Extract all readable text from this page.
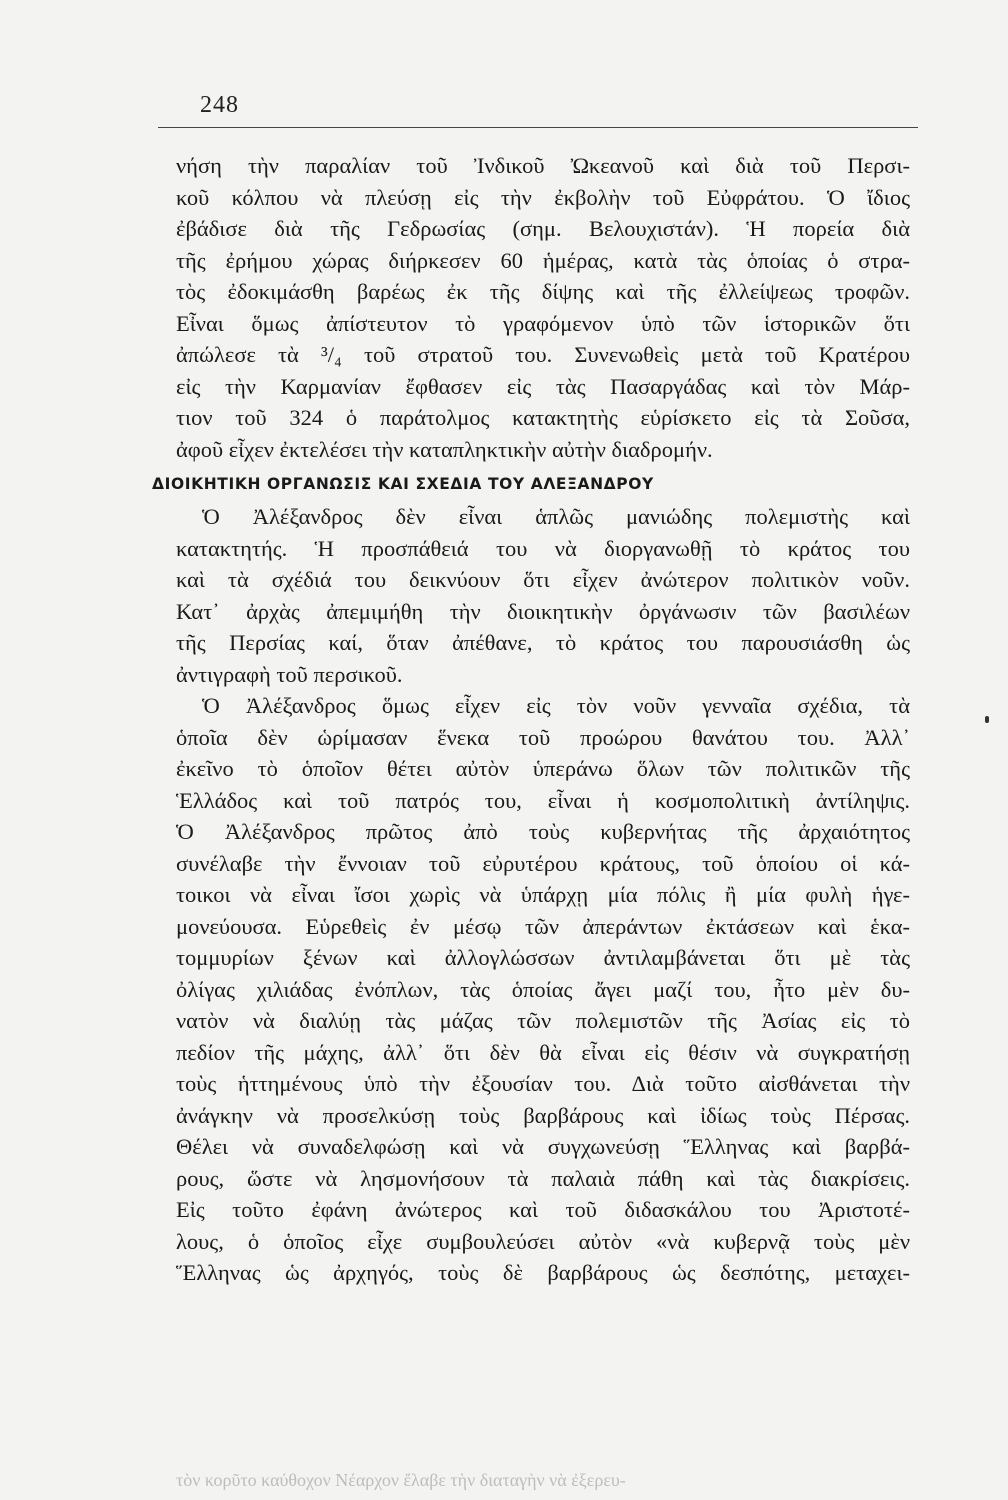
248
νήση τὴν παραλίαν τοῦ Ἰνδικοῦ Ὠκεανοῦ καὶ διὰ τοῦ Περσι-
κοῦ κόλπου νὰ πλεύσῃ εἰς τὴν ἐκβολὴν τοῦ Εὐφράτου. Ὁ ἴδιος
ἐβάδισε διὰ τῆς Γεδρωσίας (σημ. Βελουχιστάν). Ἡ πορεία διὰ
τῆς ἐρήμου χώρας διήρκεσεν 60 ἡμέρας, κατὰ τὰς ὁποίας ὁ στρα-
τὸς ἐδοκιμάσθη βαρέως ἐκ τῆς δίψης καὶ τῆς ἐλλείψεως τροφῶν.
Εἶναι ὅμως ἀπίστευτον τὸ γραφόμενον ὑπὸ τῶν ἱστορικῶν ὅτι
ἀπώλεσε τὰ ³/₄ τοῦ στρατοῦ του. Συνενωθεὶς μετὰ τοῦ Κρατέρου
εἰς τὴν Καρμανίαν ἔφθασεν εἰς τὰς Πασαργάδας καὶ τὸν Μάρ-
τιον τοῦ 324 ὁ παράτολμος κατακτητὴς εὑρίσκετο εἰς τὰ Σοῦσα,
ἀφοῦ εἶχεν ἐκτελέσει τὴν καταπληκτικὴν αὐτὴν διαδρομήν.
ΔΙΟΙΚΗΤΙΚΗ ΟΡΓΑΝΩΣΙΣ ΚΑΙ ΣΧΕΔΙΑ ΤΟΥ ΑΛΕΞΑΝΔΡΟΥ
Ὁ Ἀλέξανδρος δὲν εἶναι ἁπλῶς μανιώδης πολεμιστὴς καὶ
κατακτητής. Ἡ προσπάθειά του νὰ διοργανωθῇ τὸ κράτος του
καὶ τὰ σχέδιά του δεικνύουν ὅτι εἶχεν ἀνώτερον πολιτικὸν νοῦν.
Κατ᾿ ἀρχὰς ἀπεμιμήθη τὴν διοικητικὴν ὀργάνωσιν τῶν βασιλέων
τῆς Περσίας καί, ὅταν ἀπέθανε, τὸ κράτος του παρουσιάσθη ὡς
ἀντιγραφὴ τοῦ περσικοῦ.
Ὁ Ἀλέξανδρος ὅμως εἶχεν εἰς τὸν νοῦν γενναῖα σχέδια, τὰ
ὁποῖα δὲν ὡρίμασαν ἕνεκα τοῦ προώρου θανάτου του. Ἀλλ᾿
ἐκεῖνο τὸ ὁποῖον θέτει αὐτὸν ὑπεράνω ὅλων τῶν πολιτικῶν τῆς
Ἑλλάδος καὶ τοῦ πατρός του, εἶναι ἡ κοσμοπολιτικὴ ἀντίληψις.
Ὁ Ἀλέξανδρος πρῶτος ἀπὸ τοὺς κυβερνήτας τῆς ἀρχαιότητος
συνέλαβε τὴν ἔννοιαν τοῦ εὐρυτέρου κράτους, τοῦ ὁποίου οἱ κά-
τοικοι νὰ εἶναι ἴσοι χωρὶς νὰ ὑπάρχῃ μία πόλις ἢ μία φυλὴ ἡγε-
μονεύουσα. Εὑρεθεὶς ἐν μέσῳ τῶν ἀπεράντων ἐκτάσεων καὶ ἑκα-
τομμυρίων ξένων καὶ ἀλλογλώσσων ἀντιλαμβάνεται ὅτι μὲ τὰς
ὀλίγας χιλιάδας ἐνόπλων, τὰς ὁποίας ἄγει μαζί του, ἦτο μὲν δυ-
νατὸν νὰ διαλύῃ τὰς μάζας τῶν πολεμιστῶν τῆς Ἀσίας εἰς τὸ
πεδίον τῆς μάχης, ἀλλ᾿ ὅτι δὲν θὰ εἶναι εἰς θέσιν νὰ συγκρατήσῃ
τοὺς ἡττημένους ὑπὸ τὴν ἐξουσίαν του. Διὰ τοῦτο αἰσθάνεται τὴν
ἀνάγκην νὰ προσελκύσῃ τοὺς βαρβάρους καὶ ἰδίως τοὺς Πέρσας.
Θέλει νὰ συναδελφώσῃ καὶ νὰ συγχωνεύσῃ Ἕλληνας καὶ βαρβά-
ρους, ὥστε νὰ λησμονήσουν τὰ παλαιὰ πάθη καὶ τὰς διακρίσεις.
Εἰς τοῦτο ἐφάνη ἀνώτερος καὶ τοῦ διδασκάλου του Ἀριστοτέ-
λους, ὁ ὁποῖος εἶχε συμβουλεύσει αὐτὸν «νὰ κυβερνᾷ τοὺς μὲν
Ἕλληνας ὡς ἀρχηγός, τοὺς δὲ βαρβάρους ὡς δεσπότης, μεταχει-
τὸν κορῦτο καύθοχον Νέαρχον ἔλαβε τὴν διαταγὴν νὰ ἐξερευ-
